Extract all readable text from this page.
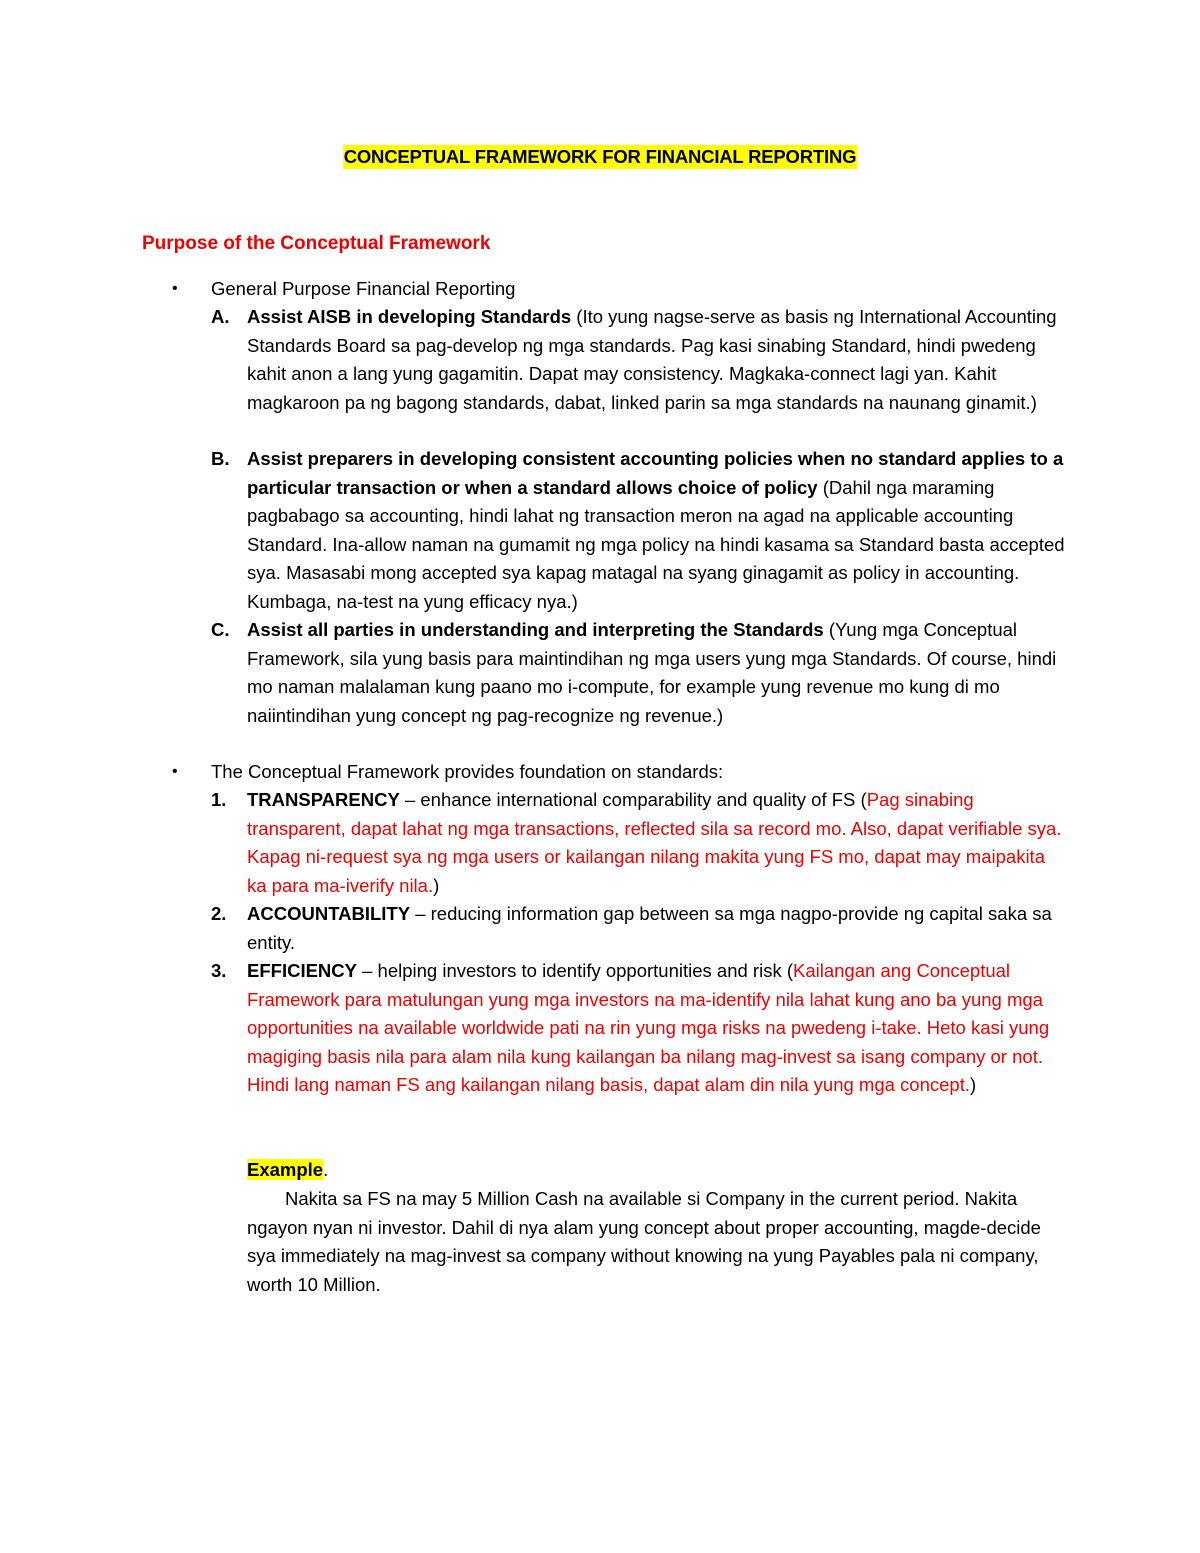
CONCEPTUAL FRAMEWORK FOR FINANCIAL REPORTING
Purpose of the Conceptual Framework
• General Purpose Financial Reporting
A. Assist AISB in developing Standards (Ito yung nagse-serve as basis ng International Accounting Standards Board sa pag-develop ng mga standards. Pag kasi sinabing Standard, hindi pwedeng kahit anon a lang yung gagamitin. Dapat may consistency. Magkaka-connect lagi yan. Kahit magkaroon pa ng bagong standards, dabat, linked parin sa mga standards na naunang ginamit.)
B. Assist preparers in developing consistent accounting policies when no standard applies to a particular transaction or when a standard allows choice of policy (Dahil nga maraming pagbabago sa accounting, hindi lahat ng transaction meron na agad na applicable accounting Standard. Ina-allow naman na gumamit ng mga policy na hindi kasama sa Standard basta accepted sya. Masasabi mong accepted sya kapag matagal na syang ginagamit as policy in accounting. Kumbaga, na-test na yung efficacy nya.)
C. Assist all parties in understanding and interpreting the Standards (Yung mga Conceptual Framework, sila yung basis para maintindihan ng mga users yung mga Standards. Of course, hindi mo naman malalaman kung paano mo i-compute, for example yung revenue mo kung di mo naiintindihan yung concept ng pag-recognize ng revenue.)
• The Conceptual Framework provides foundation on standards:
1. TRANSPARENCY – enhance international comparability and quality of FS (Pag sinabing transparent, dapat lahat ng mga transactions, reflected sila sa record mo. Also, dapat verifiable sya. Kapag ni-request sya ng mga users or kailangan nilang makita yung FS mo, dapat may maipakita ka para ma-iverify nila.)
2. ACCOUNTABILITY – reducing information gap between sa mga nagpo-provide ng capital saka sa entity.
3. EFFICIENCY – helping investors to identify opportunities and risk (Kailangan ang Conceptual Framework para matulungan yung mga investors na ma-identify nila lahat kung ano ba yung mga opportunities na available worldwide pati na rin yung mga risks na pwedeng i-take. Heto kasi yung magiging basis nila para alam nila kung kailangan ba nilang mag-invest sa isang company or not. Hindi lang naman FS ang kailangan nilang basis, dapat alam din nila yung mga concept.)
Example.
Nakita sa FS na may 5 Million Cash na available si Company in the current period. Nakita ngayon nyan ni investor. Dahil di nya alam yung concept about proper accounting, magde-decide sya immediately na mag-invest sa company without knowing na yung Payables pala ni company, worth 10 Million.
